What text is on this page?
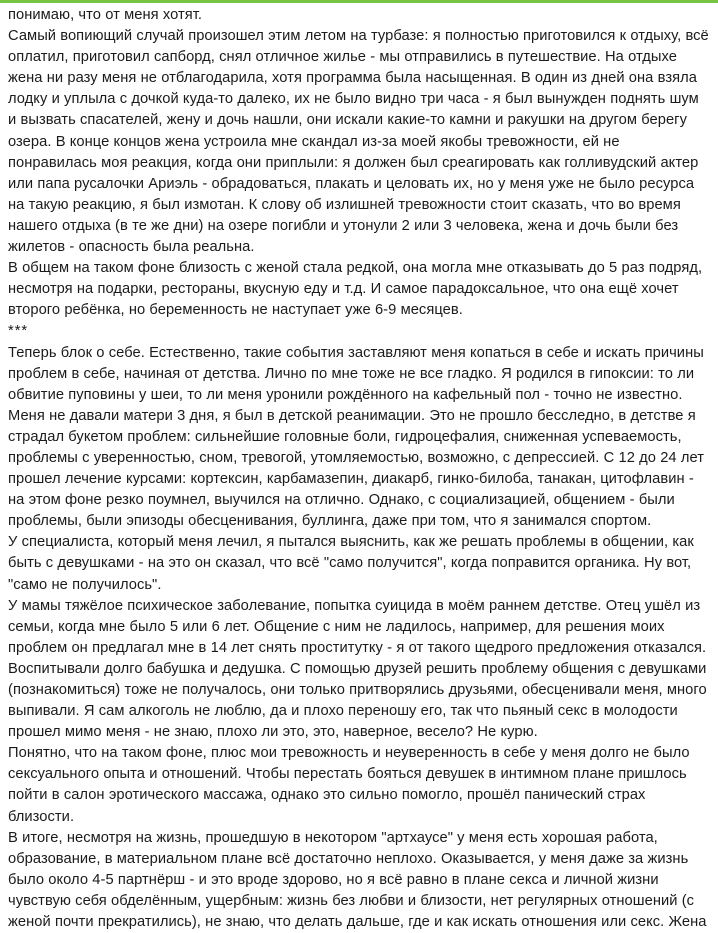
понимаю, что от меня хотят.

Самый вопиющий случай произошел этим летом на турбазе: я полностью приготовился к отдыху, всё оплатил, приготовил сапборд, снял отличное жилье - мы отправились в путешествие. На отдыхе жена ни разу меня не отблагодарила, хотя программа была насыщенная. В один из дней она взяла лодку и уплыла с дочкой куда-то далеко, их не было видно три часа - я был вынужден поднять шум и вызвать спасателей, жену и дочь нашли, они искали какие-то камни и ракушки на другом берегу озера. В конце концов жена устроила мне скандал из-за моей якобы тревожности, ей не понравилась моя реакция, когда они приплыли: я должен был среагировать как голливудский актер или папа русалочки Ариэль - обрадоваться, плакать и целовать их, но у меня уже не было ресурса на такую реакцию, я был измотан. К слову об излишней тревожности стоит сказать, что во время нашего отдыха (в те же дни) на озере погибли и утонули 2 или 3 человека, жена и дочь были без жилетов - опасность была реальна.

В общем на таком фоне близость с женой стала редкой, она могла мне отказывать до 5 раз подряд, несмотря на подарки, рестораны, вкусную еду и т.д. И самое парадоксальное, что она ещё хочет второго ребёнка, но беременность не наступает уже 6-9 месяцев.

***

Теперь блок о себе. Естественно, такие события заставляют меня копаться в себе и искать причины проблем в себе, начиная от детства. Лично по мне тоже не все гладко. Я родился в гипоксии: то ли обвитие пуповины у шеи, то ли меня уронили рождённого на кафельный пол - точно не известно. Меня не давали матери 3 дня, я был в детской реанимации. Это не прошло бесследно, в детстве я страдал букетом проблем: сильнейшие головные боли, гидроцефалия, сниженная успеваемость, проблемы с уверенностью, сном, тревогой, утомляемостью, возможно, с депрессией. С 12 до 24 лет прошел лечение курсами: кортексин, карбамазепин, диакарб, гинко-билоба, танакан, цитофлавин - на этом фоне резко поумнел, выучился на отлично. Однако, с социализацией, общением - были проблемы, были эпизоды обесценивания, буллинга, даже при том, что я занимался спортом.

У специалиста, который меня лечил, я пытался выяснить, как же решать проблемы в общении, как быть с девушками - на это он сказал, что всё "само получится", когда поправится органика. Ну вот, "само не получилось".

У мамы тяжёлое психическое заболевание, попытка суицида в моём раннем детстве. Отец ушёл из семьи, когда мне было 5 или 6 лет. Общение с ним не ладилось, например, для решения моих проблем он предлагал мне в 14 лет снять проститутку - я от такого щедрого предложения отказался. Воспитывали долго бабушка и дедушка. С помощью друзей решить проблему общения с девушками (познакомиться) тоже не получалось, они только притворялись друзьями, обесценивали меня, много выпивали. Я сам алкоголь не люблю, да и плохо переношу его, так что пьяный секс в молодости прошел мимо меня - не знаю, плохо ли это, это, наверное, весело? Не курю.

Понятно, что на таком фоне, плюс мои тревожность и неуверенность в себе у меня долго не было сексуального опыта и отношений. Чтобы перестать бояться девушек в интимном плане пришлось пойти в салон эротического массажа, однако это сильно помогло, прошёл панический страх близости.

В итоге, несмотря на жизнь, прошедшую в некотором "артхаусе" у меня есть хорошая работа, образование, в материальном плане всё достаточно неплохо. Оказывается, у меня даже за жизнь было около 4-5 партнёрш - и это вроде здорово, но я всё равно в плане секса и личной жизни чувствую себя обделённым, ущербным: жизнь без любви и близости, нет регулярных отношений (с женой почти прекратились), не знаю, что делать дальше, где и как искать отношения или секс. Жена
